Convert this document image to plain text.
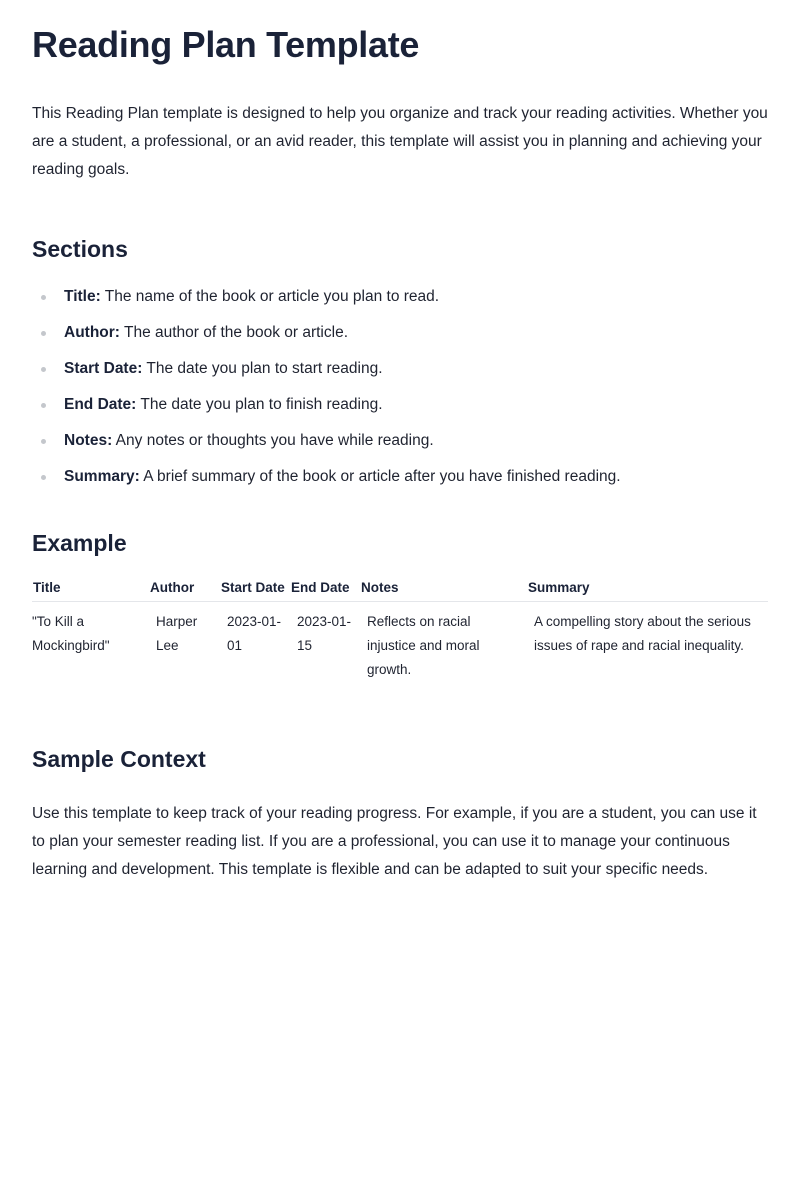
Reading Plan Template

This Reading Plan template is designed to help you organize and track your reading activities. Whether you are a student, a professional, or an avid reader, this template will assist you in planning and achieving your reading goals.

Sections
Title: The name of the book or article you plan to read.
Author: The author of the book or article.
Start Date: The date you plan to start reading.
End Date: The date you plan to finish reading.
Notes: Any notes or thoughts you have while reading.
Summary: A brief summary of the book or article after you have finished reading.
Example
Title	Author	Start Date	End Date	Notes	Summary
"To Kill a Mockingbird"	Harper Lee	2023-01-01	2023-01-15	Reflects on racial injustice and moral growth.	A compelling story about the serious issues of rape and racial inequality.
Sample Context

Use this template to keep track of your reading progress. For example, if you are a student, you can use it to plan your semester reading list. If you are a professional, you can use it to manage your continuous learning and development. This template is flexible and can be adapted to suit your specific needs.
